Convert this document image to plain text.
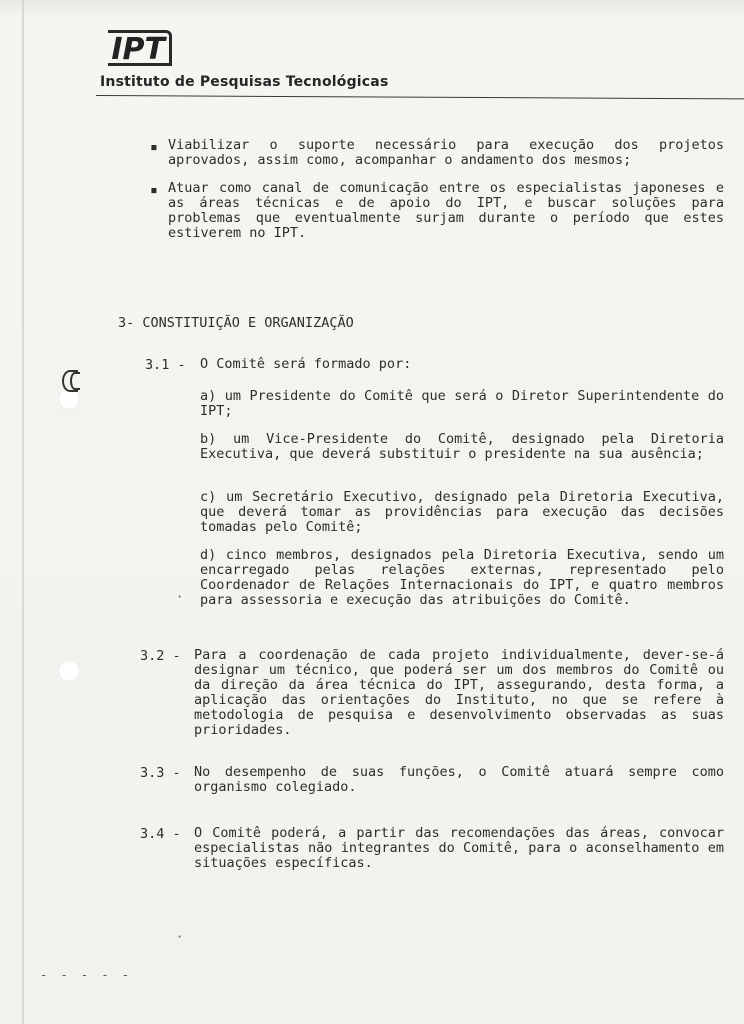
IPT
Instituto de Pesquisas Tecnológicas
▪ Viabilizar o suporte necessário para execução dos projetos aprovados, assim como, acompanhar o andamento dos mesmos;
▪ Atuar como canal de comunicação entre os especialistas japoneses e as áreas técnicas e de apoio do IPT, e buscar soluções para problemas que eventualmente surjam durante o período que estes estiverem no IPT.
3- CONSTITUIÇÃO E ORGANIZAÇÃO
3.1 - O Comitê será formado por:
a) um Presidente do Comitê que será o Diretor Superintendente do IPT;
b) um Vice-Presidente do Comitê, designado pela Diretoria Executiva, que deverá substituir o presidente na sua ausência;
c) um Secretário Executivo, designado pela Diretoria Executiva, que deverá tomar as providências para execução das decisões tomadas pelo Comitê;
d) cinco membros, designados pela Diretoria Executiva, sendo um encarregado pelas relações externas, representado pelo Coordenador de Relações Internacionais do IPT, e quatro membros para assessoria e execução das atribuições do Comitê.
3.2 - Para a coordenação de cada projeto individualmente, dever-se-á designar um técnico, que poderá ser um dos membros do Comitê ou da direção da área técnica do IPT, assegurando, desta forma, a aplicação das orientações do Instituto, no que se refere à metodologia de pesquisa e desenvolvimento observadas as suas prioridades.
3.3 - No desempenho de suas funções, o Comitê atuará sempre como organismo colegiado.
3.4 - O Comitê poderá, a partir das recomendações das áreas, convocar especialistas não integrantes do Comitê, para o aconselhamento em situações específicas.
·
·
- - - - -
